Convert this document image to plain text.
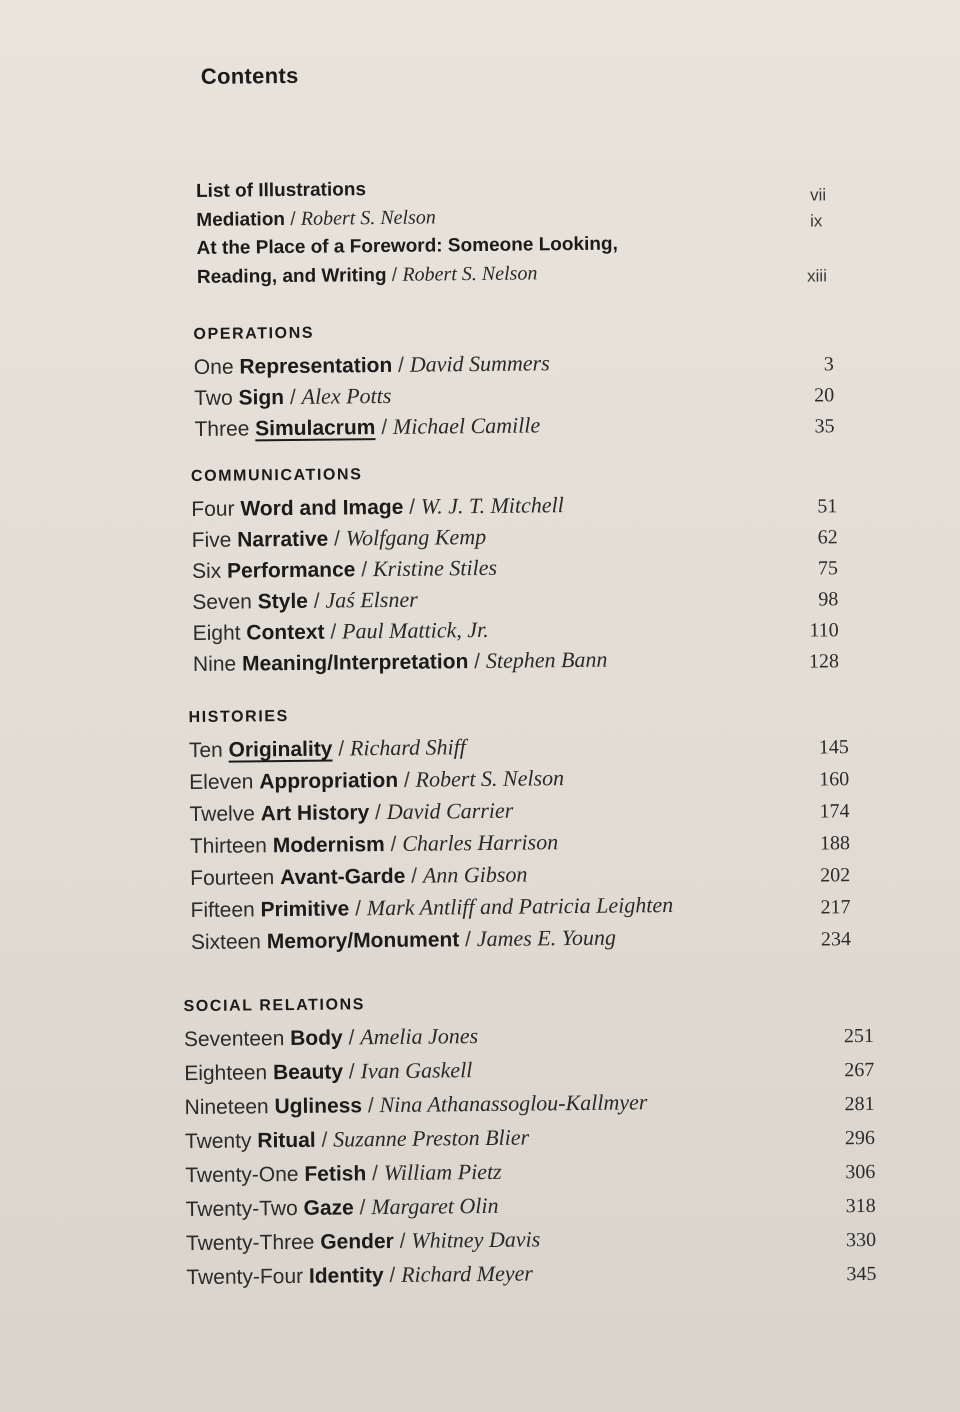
Contents
List of Illustrations	vii
Mediation / Robert S. Nelson	ix
At the Place of a Foreword: Someone Looking,
Reading, and Writing / Robert S. Nelson	xiii
OPERATIONS
One Representation / David Summers	3
Two Sign / Alex Potts	20
Three Simulacrum / Michael Camille	35
COMMUNICATIONS
Four Word and Image / W. J. T. Mitchell	51
Five Narrative / Wolfgang Kemp	62
Six Performance / Kristine Stiles	75
Seven Style / Jaś Elsner	98
Eight Context / Paul Mattick, Jr.	110
Nine Meaning/Interpretation / Stephen Bann	128
HISTORIES
Ten Originality / Richard Shiff	145
Eleven Appropriation / Robert S. Nelson	160
Twelve Art History / David Carrier	174
Thirteen Modernism / Charles Harrison	188
Fourteen Avant-Garde / Ann Gibson	202
Fifteen Primitive / Mark Antliff and Patricia Leighten	217
Sixteen Memory/Monument / James E. Young	234
SOCIAL RELATIONS
Seventeen Body / Amelia Jones	251
Eighteen Beauty / Ivan Gaskell	267
Nineteen Ugliness / Nina Athanassoglou-Kallmyer	281
Twenty Ritual / Suzanne Preston Blier	296
Twenty-One Fetish / William Pietz	306
Twenty-Two Gaze / Margaret Olin	318
Twenty-Three Gender / Whitney Davis	330
Twenty-Four Identity / Richard Meyer	345
